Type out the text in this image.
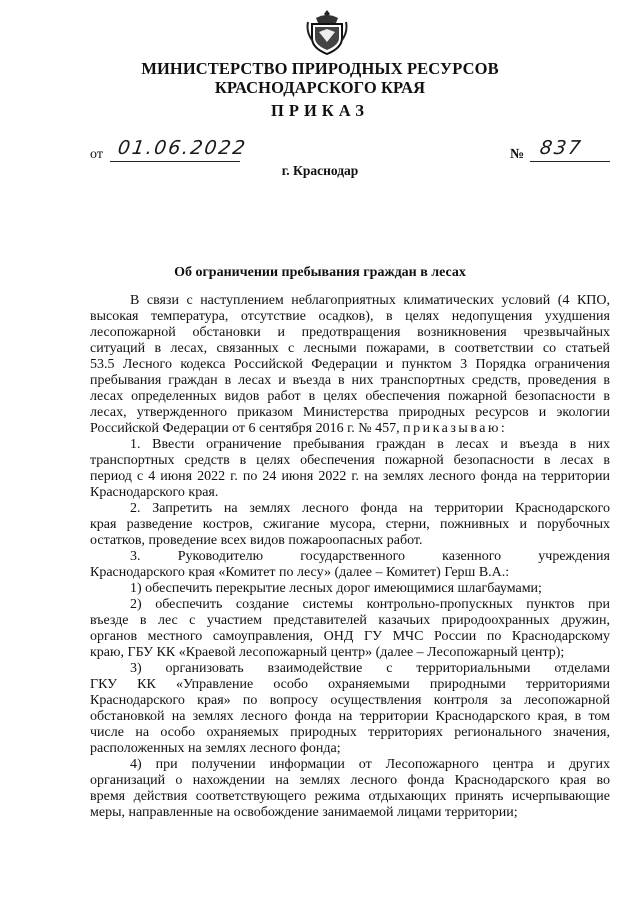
МИНИСТЕРСТВО ПРИРОДНЫХ РЕСУРСОВ
КРАСНОДАРСКОГО КРАЯ
ПРИКАЗ
от 01.06.2022	№ 837
г. Краснодар
Об ограничении пребывания граждан в лесах
В связи с наступлением неблагоприятных климатических условий (4 КПО,
высокая температура, отсутствие осадков), в целях недопущения ухудшения
лесопожарной обстановки и предотвращения возникновения чрезвычайных
ситуаций в лесах, связанных с лесными пожарами, в соответствии со статьей
53.5 Лесного кодекса Российской Федерации и пунктом 3 Порядка ограничения
пребывания граждан в лесах и въезда в них транспортных средств, проведения в
лесах определенных видов работ в целях обеспечения пожарной безопасности в
лесах, утвержденного приказом Министерства природных ресурсов и экологии
Российской Федерации от 6 сентября 2016 г. № 457, приказываю:
1. Ввести ограничение пребывания граждан в лесах и въезда в них
транспортных средств в целях обеспечения пожарной безопасности в лесах в
период с 4 июня 2022 г. по 24 июня 2022 г. на землях лесного фонда на территории
Краснодарского края.
2. Запретить на землях лесного фонда на территории Краснодарского
края разведение костров, сжигание мусора, стерни, пожнивных и порубочных
остатков, проведение всех видов пожароопасных работ.
3. Руководителю государственного казенного учреждения
Краснодарского края «Комитет по лесу» (далее – Комитет) Герш В.А.:
1) обеспечить перекрытие лесных дорог имеющимися шлагбаумами;
2) обеспечить создание системы контрольно-пропускных пунктов при
въезде в лес с участием представителей казачьих природоохранных дружин,
органов местного самоуправления, ОНД ГУ МЧС России по Краснодарскому
краю, ГБУ КК «Краевой лесопожарный центр» (далее – Лесопожарный центр);
3) организовать взаимодействие с территориальными отделами
ГКУ КК «Управление особо охраняемыми природными территориями
Краснодарского края» по вопросу осуществления контроля за лесопожарной
обстановкой на землях лесного фонда на территории Краснодарского края, в том
числе на особо охраняемых природных территориях регионального значения,
расположенных на землях лесного фонда;
4) при получении информации от Лесопожарного центра и других
организаций о нахождении на землях лесного фонда Краснодарского края во
время действия соответствующего режима отдыхающих принять исчерпывающие
меры, направленные на освобождение занимаемой лицами территории;
